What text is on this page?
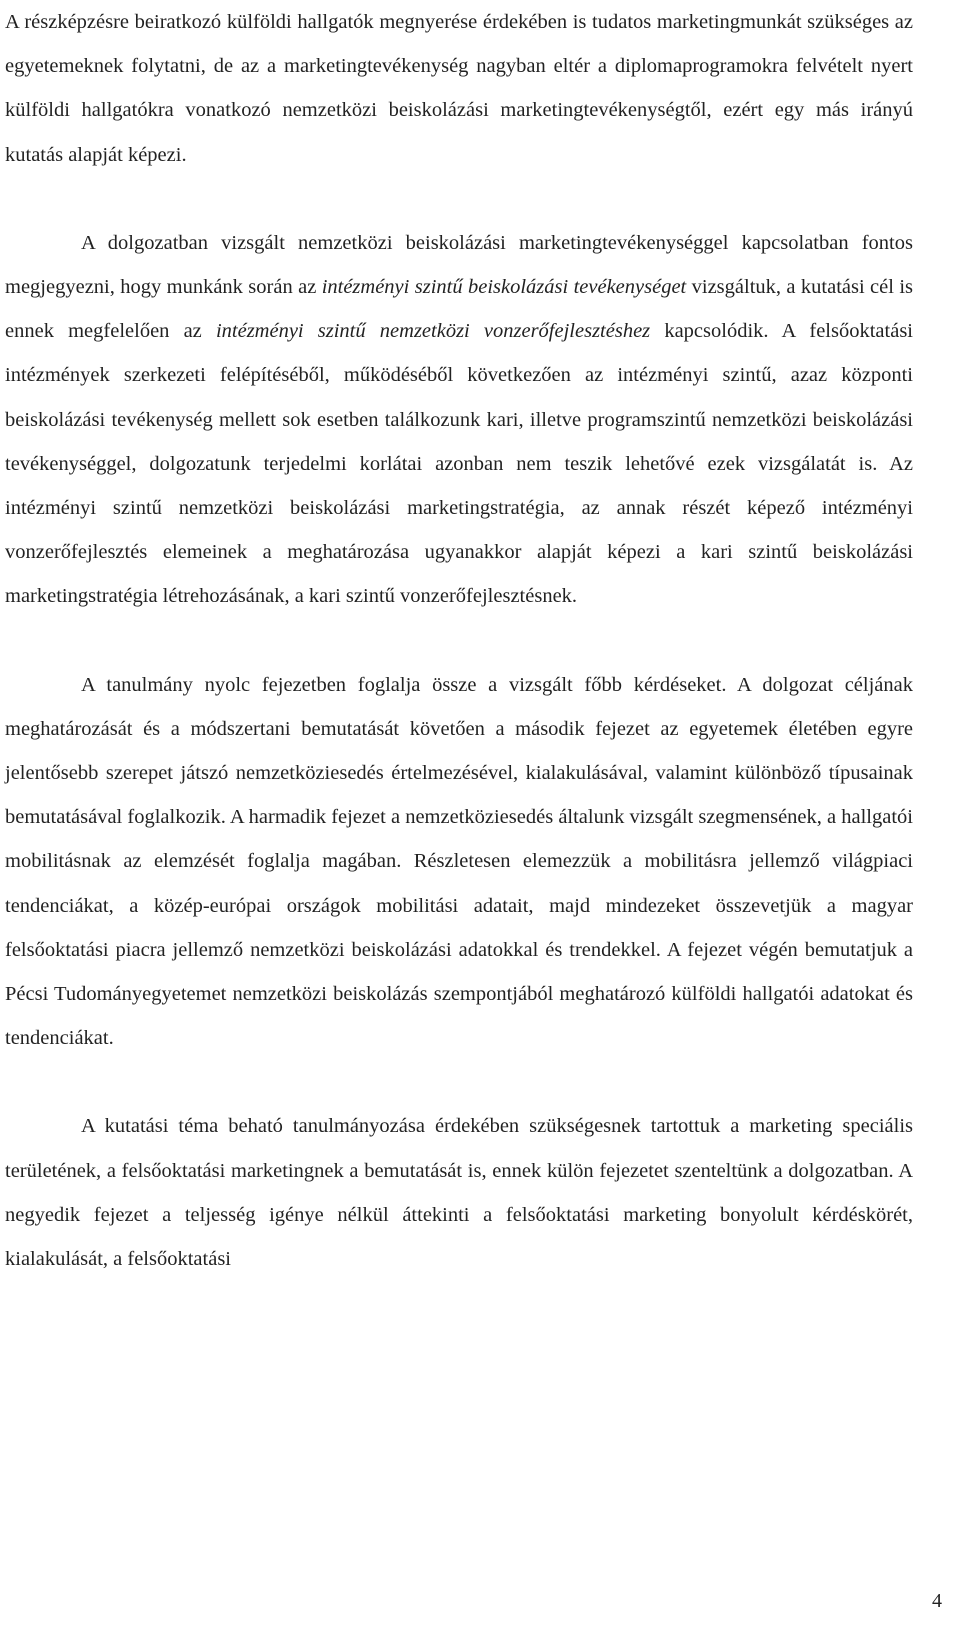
A részképzésre beiratkozó külföldi hallgatók megnyerése érdekében is tudatos marketingmunkát szükséges az egyetemeknek folytatni, de az a marketingtevékenység nagyban eltér a diplomaprogramokra felvételt nyert külföldi hallgatókra vonatkozó nemzetközi beiskolázási marketingtevékenységtől, ezért egy más irányú kutatás alapját képezi.

A dolgozatban vizsgált nemzetközi beiskolázási marketingtevékenységgel kapcsolatban fontos megjegyezni, hogy munkánk során az intézményi szintű beiskolázási tevékenységet vizsgáltuk, a kutatási cél is ennek megfelelően az intézményi szintű nemzetközi vonzerőfejlesztéshez kapcsolódik. A felsőoktatási intézmények szerkezeti felépítéséből, működéséből következően az intézményi szintű, azaz központi beiskolázási tevékenység mellett sok esetben találkozunk kari, illetve programszintű nemzetközi beiskolázási tevékenységgel, dolgozatunk terjedelmi korlátai azonban nem teszik lehetővé ezek vizsgálatát is. Az intézményi szintű nemzetközi beiskolázási marketingstratégia, az annak részét képező intézményi vonzerőfejlesztés elemeinek a meghatározása ugyanakkor alapját képezi a kari szintű beiskolázási marketingstratégia létrehozásának, a kari szintű vonzerőfejlesztésnek.

A tanulmány nyolc fejezetben foglalja össze a vizsgált főbb kérdéseket. A dolgozat céljának meghatározását és a módszertani bemutatását követően a második fejezet az egyetemek életében egyre jelentősebb szerepet játszó nemzetköziesedés értelmezésével, kialakulásával, valamint különböző típusainak bemutatásával foglalkozik. A harmadik fejezet a nemzetköziesedés általunk vizsgált szegmensének, a hallgatói mobilitásnak az elemzését foglalja magában. Részletesen elemezzük a mobilitásra jellemző világpiaci tendenciákat, a közép-európai országok mobilitási adatait, majd mindezeket összevetjük a magyar felsőoktatási piacra jellemző nemzetközi beiskolázási adatokkal és trendekkel. A fejezet végén bemutatjuk a Pécsi Tudományegyetemet nemzetközi beiskolázás szempontjából meghatározó külföldi hallgatói adatokat és tendenciákat.

A kutatási téma beható tanulmányozása érdekében szükségesnek tartottuk a marketing speciális területének, a felsőoktatási marketingnek a bemutatását is, ennek külön fejezetet szenteltünk a dolgozatban. A negyedik fejezet a teljesség igénye nélkül áttekinti a felsőoktatási marketing bonyolult kérdéskörét, kialakulását, a felsőoktatási

4
